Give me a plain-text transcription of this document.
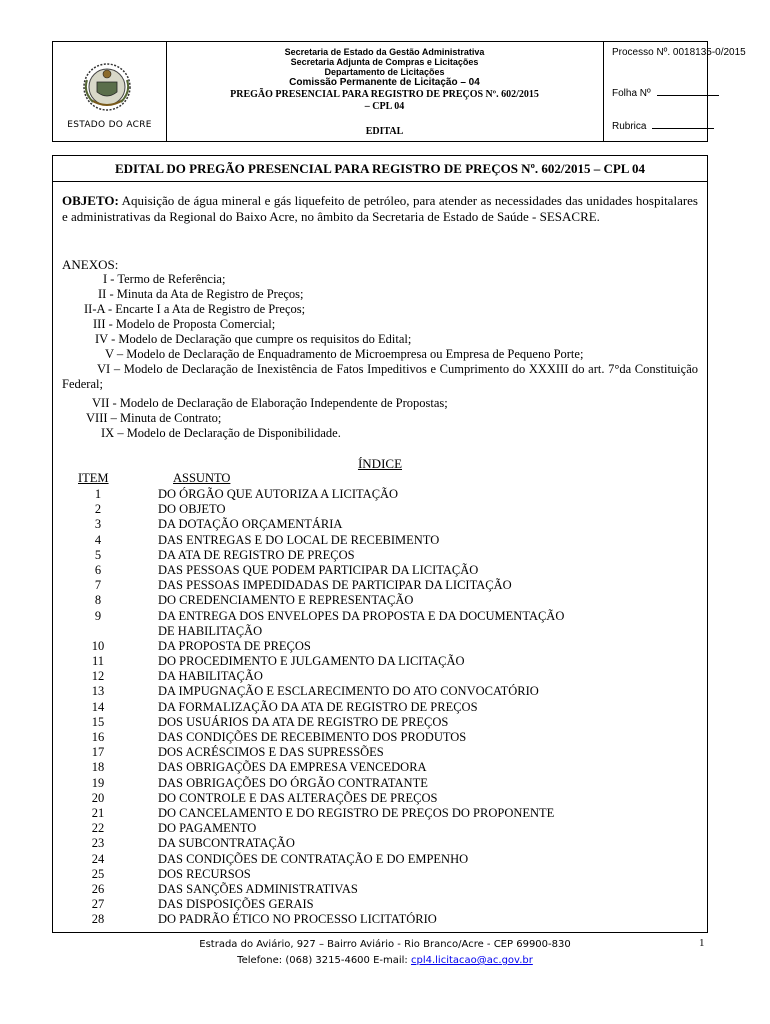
ESTADO DO ACRE
Secretaria de Estado da Gestão Administrativa
Secretaria Adjunta de Compras e Licitações
Departamento de Licitações
Comissão Permanente de Licitação – 04
PREGÃO PRESENCIAL PARA REGISTRO DE PREÇOS Nº. 602/2015
– CPL 04
EDITAL
Processo Nº. 0018135-0/2015
Folha Nº
Rubrica
EDITAL DO PREGÃO PRESENCIAL PARA REGISTRO DE PREÇOS Nº. 602/2015 – CPL 04
OBJETO: Aquisição de água mineral e gás liquefeito de petróleo, para atender as necessidades das unidades hospitalares e administrativas da Regional do Baixo Acre, no âmbito da Secretaria de Estado de Saúde - SESACRE.
ANEXOS:
I - Termo de Referência;
II - Minuta da Ata de Registro de Preços;
II-A - Encarte I a Ata de Registro de Preços;
III - Modelo de Proposta Comercial;
IV - Modelo de Declaração que cumpre os requisitos do Edital;
V – Modelo de Declaração de Enquadramento de Microempresa ou Empresa de Pequeno Porte;
VI – Modelo de Declaração de Inexistência de Fatos Impeditivos e Cumprimento do XXXIII do art. 7°da Constituição Federal;
VII - Modelo de Declaração de Elaboração Independente de Propostas;
VIII – Minuta de Contrato;
IX – Modelo de Declaração de Disponibilidade.
ÍNDICE
ITEM	ASSUNTO
1	DO ÓRGÃO QUE AUTORIZA A LICITAÇÃO
2	DO OBJETO
3	DA DOTAÇÃO ORÇAMENTÁRIA
4	DAS ENTREGAS E DO LOCAL DE RECEBIMENTO
5	DA ATA DE REGISTRO DE PREÇOS
6	DAS PESSOAS QUE PODEM PARTICIPAR DA LICITAÇÃO
7	DAS PESSOAS IMPEDIDADAS DE PARTICIPAR DA LICITAÇÃO
8	DO CREDENCIAMENTO E REPRESENTAÇÃO
9	DA ENTREGA DOS ENVELOPES DA PROPOSTA E DA DOCUMENTAÇÃO
DE HABILITAÇÃO
10	DA PROPOSTA DE PREÇOS
11	DO PROCEDIMENTO E JULGAMENTO DA LICITAÇÃO
12	DA HABILITAÇÃO
13	DA IMPUGNAÇÃO E ESCLARECIMENTO DO ATO CONVOCATÓRIO
14	DA FORMALIZAÇÃO DA ATA DE REGISTRO DE PREÇOS
15	DOS USUÁRIOS DA ATA DE REGISTRO DE PREÇOS
16	DAS CONDIÇÕES DE RECEBIMENTO DOS PRODUTOS
17	DOS ACRÉSCIMOS E DAS SUPRESSÕES
18	DAS OBRIGAÇÕES DA EMPRESA VENCEDORA
19	DAS OBRIGAÇÕES DO ÓRGÃO CONTRATANTE
20	DO CONTROLE E DAS ALTERAÇÕES DE PREÇOS
21	DO CANCELAMENTO E DO REGISTRO DE PREÇOS DO PROPONENTE
22	DO PAGAMENTO
23	DA SUBCONTRATAÇÃO
24	DAS CONDIÇÕES DE CONTRATAÇÃO E DO EMPENHO
25	DOS RECURSOS
26	DAS SANÇÕES ADMINISTRATIVAS
27	DAS DISPOSIÇÕES GERAIS
28	DO PADRÃO ÉTICO NO PROCESSO LICITATÓRIO
Estrada do Aviário, 927 – Bairro Aviário - Rio Branco/Acre - CEP 69900-830
Telefone: (068) 3215-4600 E-mail: cpl4.licitacao@ac.gov.br
1
